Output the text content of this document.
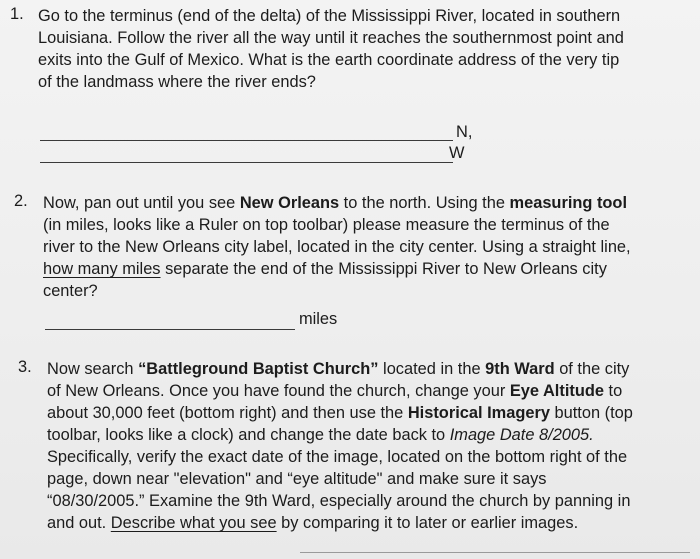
1. Go to the terminus (end of the delta) of the Mississippi River, located in southern
Louisiana. Follow the river all the way until it reaches the southernmost point and
exits into the Gulf of Mexico. What is the earth coordinate address of the very tip
of the landmass where the river ends?
N,
W
2. Now, pan out until you see New Orleans to the north. Using the measuring tool
(in miles, looks like a Ruler on top toolbar) please measure the terminus of the
river to the New Orleans city label, located in the city center. Using a straight line,
how many miles separate the end of the Mississippi River to New Orleans city
center?
miles
3. Now search “Battleground Baptist Church” located in the 9th Ward of the city
of New Orleans. Once you have found the church, change your Eye Altitude to
about 30,000 feet (bottom right) and then use the Historical Imagery button (top
toolbar, looks like a clock) and change the date back to Image Date 8/2005.
Specifically, verify the exact date of the image, located on the bottom right of the
page, down near "elevation" and “eye altitude" and make sure it says
“08/30/2005.” Examine the 9th Ward, especially around the church by panning in
and out. Describe what you see by comparing it to later or earlier images.
